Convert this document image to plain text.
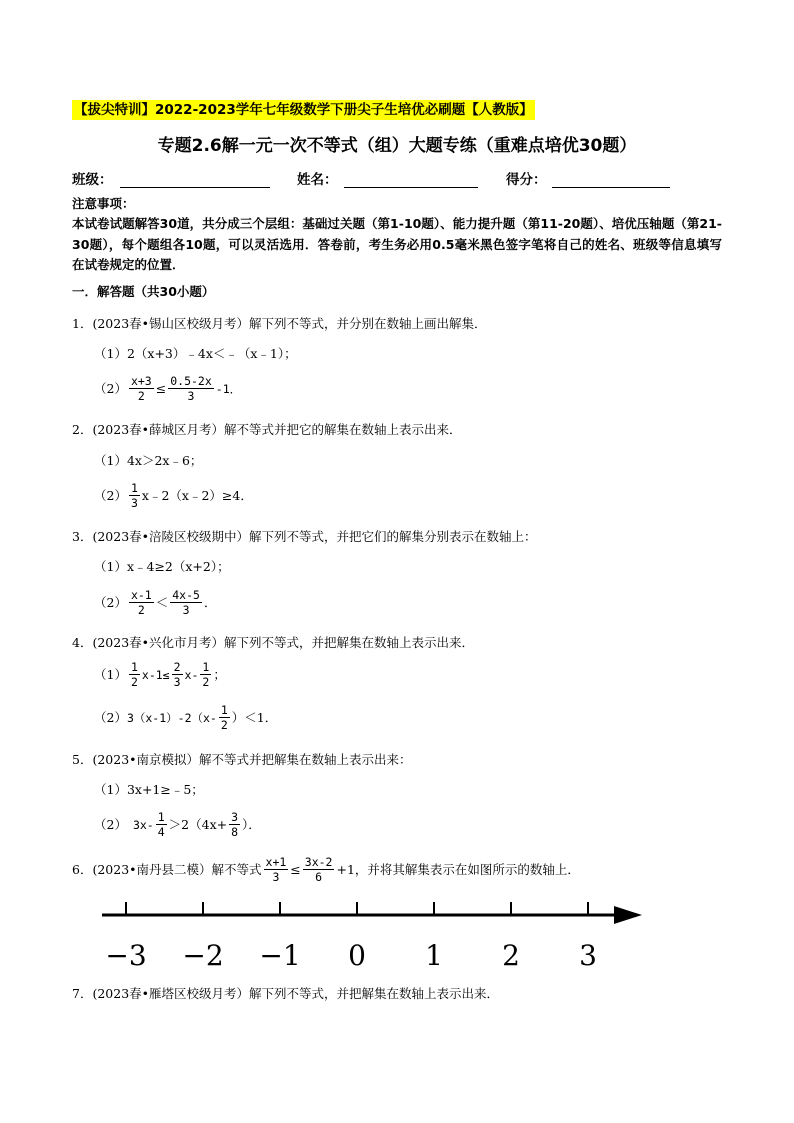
【拔尖特训】2022-2023学年七年级数学下册尖子生培优必刷题【人教版】
专题2.6解一元一次不等式（组）大题专练（重难点培优30题）
班级：	姓名：	得分：
注意事项：
本试卷试题解答30道，共分成三个层组：基础过关题（第1-10题）、能力提升题（第11-20题）、培优压轴题（第21-30题），每个题组各10题，可以灵活选用．答卷前，考生务必用0.5毫米黑色签字笔将自己的姓名、班级等信息填写在试卷规定的位置．
一．解答题（共30小题）
1．(2023春•锡山区校级月考）解下列不等式，并分别在数轴上画出解集．
（1）2（x+3）﹣4x＜﹣（x﹣1）；
$(2) \frac{x+3}{2} \le \frac{0.5-2x}{3} -1$．
2．(2023春•薛城区月考）解不等式并把它的解集在数轴上表示出来．
（1）4x＞2x﹣6；
$(2) \frac{1}{3}$ x﹣2（x﹣2）≥4．
3．(2023春•涪陵区校级期中）解下列不等式，并把它们的解集分别表示在数轴上：
（1）x﹣4≥2（x+2）；
$(2) \frac{x-1}{2} < \frac{4x-5}{3}$ ．
4．(2023春•兴化市月考）解下列不等式，并把解集在数轴上表示出来．
$(1) \frac{1}{2} x-1\le \frac{2}{3} x- \frac{1}{2}$ ；
（2） $3(x-1)-2(x- \frac{1}{2} )<1$．
5．(2023•南京模拟）解不等式并把解集在数轴上表示出来：
（1）3x+1≥﹣5；
（2） $3x- \frac{1}{4} >2(4x+ \frac{3}{8}$ ）．
6．(2023•南丹县二模）解不等式 $\frac{x+1}{3} \le \frac{3x-2}{6} +1$，并将其解集表示在如图所示的数轴上．
−3 −2 −1 0 1 2 3
7．(2023春•雁塔区校级月考）解下列不等式，并把解集在数轴上表示出来．
